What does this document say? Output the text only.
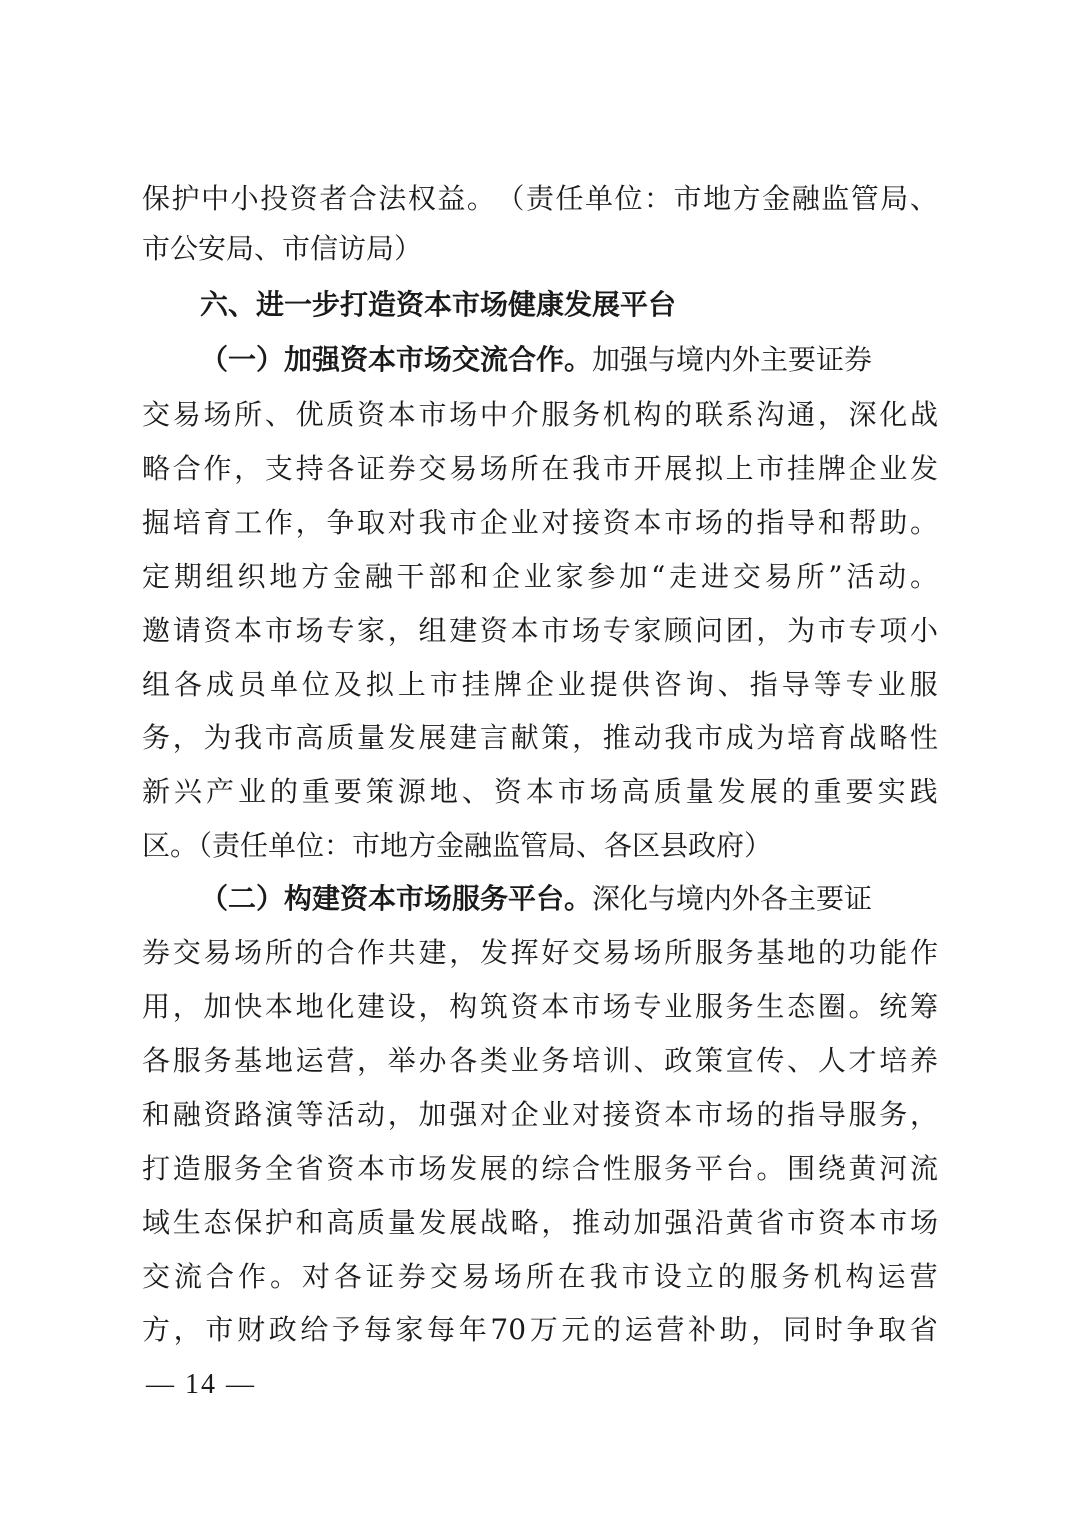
保 护 中 小 投 资 者 合 法 权 益 。 （ 责 任 单 位 ： 市 地 方 金 融 监 管 局 、
市公安局、市信访局）
六、进一步打造资本市场健康发展平台
（一）加强资本市场交流合作。 加强与境内外主要证券
交 易 场 所 、 优 质 资 本 市 场 中 介 服 务 机 构 的 联 系 沟 通 ， 深 化 战
略 合 作 ， 支 持 各 证 券 交 易 场 所 在 我 市 开 展 拟 上 市 挂 牌 企 业 发
掘 培 育 工 作 ， 争 取 对 我 市 企 业 对 接 资 本 市 场 的 指 导 和 帮 助 。
定 期 组 织 地 方 金 融 干 部 和 企 业 家 参 加 “ 走 进 交 易 所 ” 活 动 。
邀 请 资 本 市 场 专 家 ， 组 建 资 本 市 场 专 家 顾 问 团 ， 为 市 专 项 小
组 各 成 员 单 位 及 拟 上 市 挂 牌 企 业 提 供 咨 询 、 指 导 等 专 业 服
务 ， 为 我 市 高 质 量 发 展 建 言 献 策 ， 推 动 我 市 成 为 培 育 战 略 性
新 兴 产 业 的 重 要 策 源 地 、 资 本 市 场 高 质 量 发 展 的 重 要 实 践
区。（责任单位：市地方金融监管局、各区县政府）
（二）构建资本市场服务平台。 深化与境内外各主要证
券 交 易 场 所 的 合 作 共 建 ， 发 挥 好 交 易 场 所 服 务 基 地 的 功 能 作
用 ， 加 快 本 地 化 建 设 ， 构 筑 资 本 市 场 专 业 服 务 生 态 圈 。 统 筹
各 服 务 基 地 运 营 ， 举 办 各 类 业 务 培 训 、 政 策 宣 传 、 人 才 培 养
和 融 资 路 演 等 活 动 ， 加 强 对 企 业 对 接 资 本 市 场 的 指 导 服 务 ，
打 造 服 务 全 省 资 本 市 场 发 展 的 综 合 性 服 务 平 台 。 围 绕 黄 河 流
域 生 态 保 护 和 高 质 量 发 展 战 略 ， 推 动 加 强 沿 黄 省 市 资 本 市 场
交 流 合 作 。 对 各 证 券 交 易 场 所 在 我 市 设 立 的 服 务 机 构 运 营
方 ， 市 财 政 给 予 每 家 每 年 70 万 元 的 运 营 补 助 ， 同 时 争 取 省
— 14 —
